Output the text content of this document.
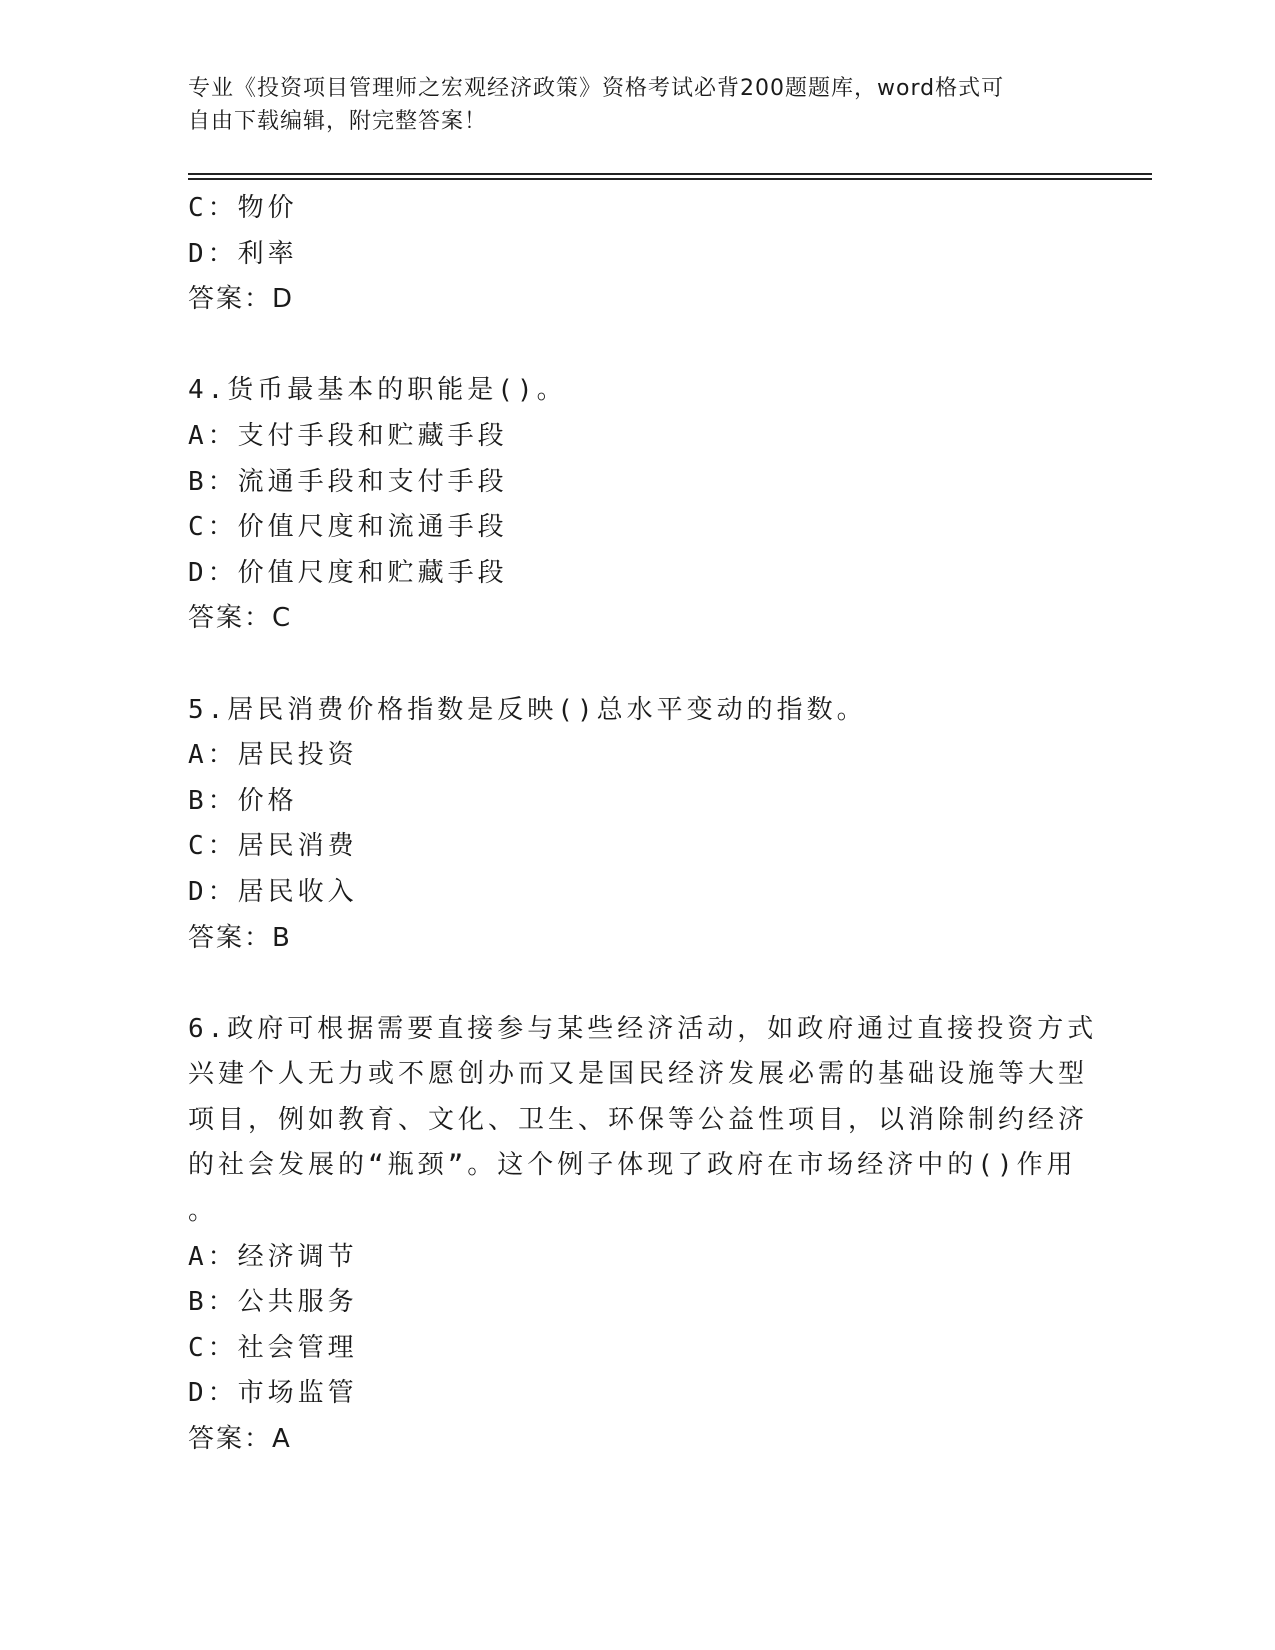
专业《投资项目管理师之宏观经济政策》资格考试必背200题题库，word格式可
自由下载编辑，附完整答案！
C：物价
D：利率
答案：D
4.货币最基本的职能是()。
A：支付手段和贮藏手段
B：流通手段和支付手段
C：价值尺度和流通手段
D：价值尺度和贮藏手段
答案：C
5.居民消费价格指数是反映()总水平变动的指数。
A：居民投资
B：价格
C：居民消费
D：居民收入
答案：B
6.政府可根据需要直接参与某些经济活动，如政府通过直接投资方式
兴建个人无力或不愿创办而又是国民经济发展必需的基础设施等大型
项目，例如教育、文化、卫生、环保等公益性项目，以消除制约经济
的社会发展的“瓶颈”。这个例子体现了政府在市场经济中的()作用
。
A：经济调节
B：公共服务
C：社会管理
D：市场监管
答案：A
